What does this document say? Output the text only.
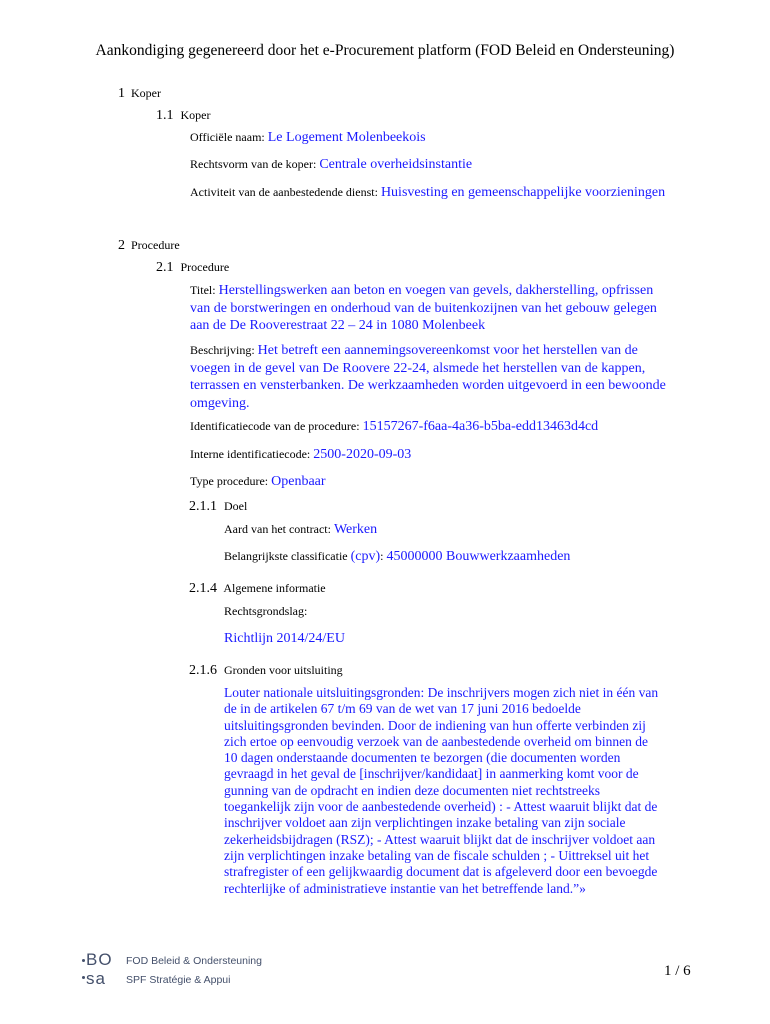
Aankondiging gegenereerd door het e-Procurement platform (FOD Beleid en Ondersteuning)
1 Koper
1.1 Koper
Officiële naam: Le Logement Molenbeekois
Rechtsvorm van de koper: Centrale overheidsinstantie
Activiteit van de aanbestedende dienst: Huisvesting en gemeenschappelijke voorzieningen
2 Procedure
2.1 Procedure
Titel: Herstellingswerken aan beton en voegen van gevels, dakherstelling, opfrissen van de borstweringen en onderhoud van de buitenkozijnen van het gebouw gelegen aan de De Rooverestraat 22 – 24 in 1080 Molenbeek
Beschrijving: Het betreft een aannemingsovereenkomst voor het herstellen van de voegen in de gevel van De Roovere 22-24, alsmede het herstellen van de kappen, terrassen en vensterbanken. De werkzaamheden worden uitgevoerd in een bewoonde omgeving.
Identificatiecode van de procedure: 15157267-f6aa-4a36-b5ba-edd13463d4cd
Interne identificatiecode: 2500-2020-09-03
Type procedure: Openbaar
2.1.1 Doel
Aard van het contract: Werken
Belangrijkste classificatie (cpv): 45000000 Bouwwerkzaamheden
2.1.4 Algemene informatie
Rechtsgrondslag:
Richtlijn 2014/24/EU
2.1.6 Gronden voor uitsluiting
Louter nationale uitsluitingsgronden: De inschrijvers mogen zich niet in één van de in de artikelen 67 t/m 69 van de wet van 17 juni 2016 bedoelde uitsluitingsgronden bevinden. Door de indiening van hun offerte verbinden zij zich ertoe op eenvoudig verzoek van de aanbestedende overheid om binnen de 10 dagen onderstaande documenten te bezorgen (die documenten worden gevraagd in het geval de [inschrijver/kandidaat] in aanmerking komt voor de gunning van de opdracht en indien deze documenten niet rechtstreeks toegankelijk zijn voor de aanbestedende overheid) : - Attest waaruit blijkt dat de inschrijver voldoet aan zijn verplichtingen inzake betaling van zijn sociale zekerheidsbijdragen (RSZ); - Attest waaruit blijkt dat de inschrijver voldoet aan zijn verplichtingen inzake betaling van de fiscale schulden ; - Uittreksel uit het strafregister of een gelijkwaardig document dat is afgeleverd door een bevoegde rechterlijke of administratieve instantie van het betreffende land.”»
BO
sa
FOD Beleid & Ondersteuning
SPF Stratégie & Appui
1 / 6
